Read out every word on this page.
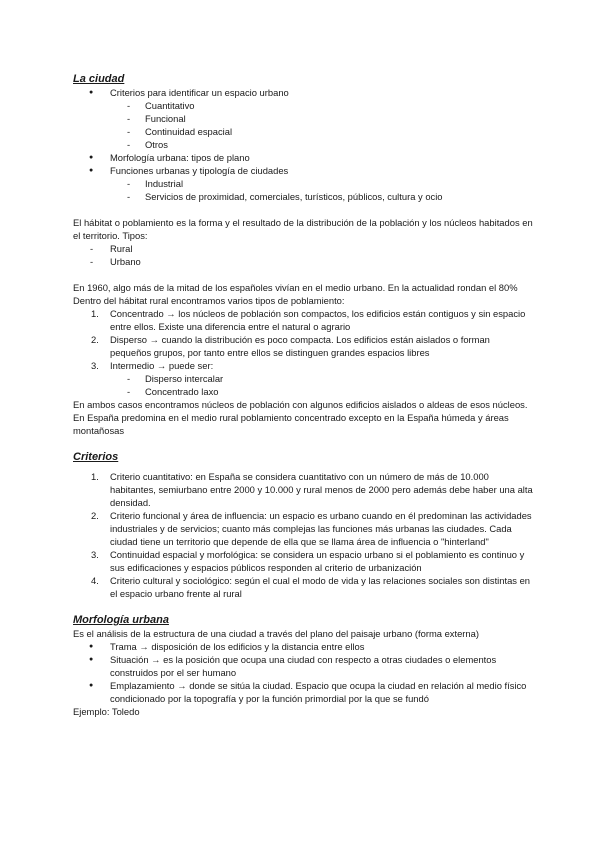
La ciudad
● Criterios para identificar un espacio urbano
- Cuantitativo
- Funcional
- Continuidad espacial
- Otros
● Morfología urbana: tipos de plano
● Funciones urbanas y tipología de ciudades
- Industrial
- Servicios de proximidad, comerciales, turísticos, públicos, cultura y ocio

El hábitat o poblamiento es la forma y el resultado de la distribución de la población y los núcleos habitados en el territorio. Tipos:

- Rural
- Urbano

En 1960, algo más de la mitad de los españoles vivían en el medio urbano. En la actualidad rondan el 80%

Dentro del hábitat rural encontramos varios tipos de poblamiento:

1. Concentrado → los núcleos de población son compactos, los edificios están contiguos y sin espacio entre ellos. Existe una diferencia entre el natural o agrario
2. Disperso → cuando la distribución es poco compacta. Los edificios están aislados o forman pequeños grupos, por tanto entre ellos se distinguen grandes espacios libres
3. Intermedio → puede ser:
- Disperso intercalar
- Concentrado laxo

En ambos casos encontramos núcleos de población con algunos edificios aislados o aldeas de esos núcleos.

En España predomina en el medio rural poblamiento concentrado excepto en la España húmeda y áreas montañosas

Criterios
1. Criterio cuantitativo: en España se considera cuantitativo con un número de más de 10.000 habitantes, semiurbano entre 2000 y 10.000 y rural menos de 2000 pero además debe haber una alta densidad.
2. Criterio funcional y área de influencia: un espacio es urbano cuando en él predominan las actividades industriales y de servicios; cuanto más complejas las funciones más urbanas las ciudades. Cada ciudad tiene un territorio que depende de ella que se llama área de influencia o "hinterland"
3. Continuidad espacial y morfológica: se considera un espacio urbano si el poblamiento es continuo y sus edificaciones y espacios públicos responden al criterio de urbanización
4. Criterio cultural y sociológico: según el cual el modo de vida y las relaciones sociales son distintas en el espacio urbano frente al rural
Morfología urbana

Es el análisis de la estructura de una ciudad a través del plano del paisaje urbano (forma externa)

● Trama → disposición de los edificios y la distancia entre ellos
● Situación → es la posición que ocupa una ciudad con respecto a otras ciudades o elementos construidos por el ser humano
● Emplazamiento → donde se sitúa la ciudad. Espacio que ocupa la ciudad en relación al medio físico condicionado por la topografía y por la función primordial por la que se fundó

Ejemplo: Toledo
